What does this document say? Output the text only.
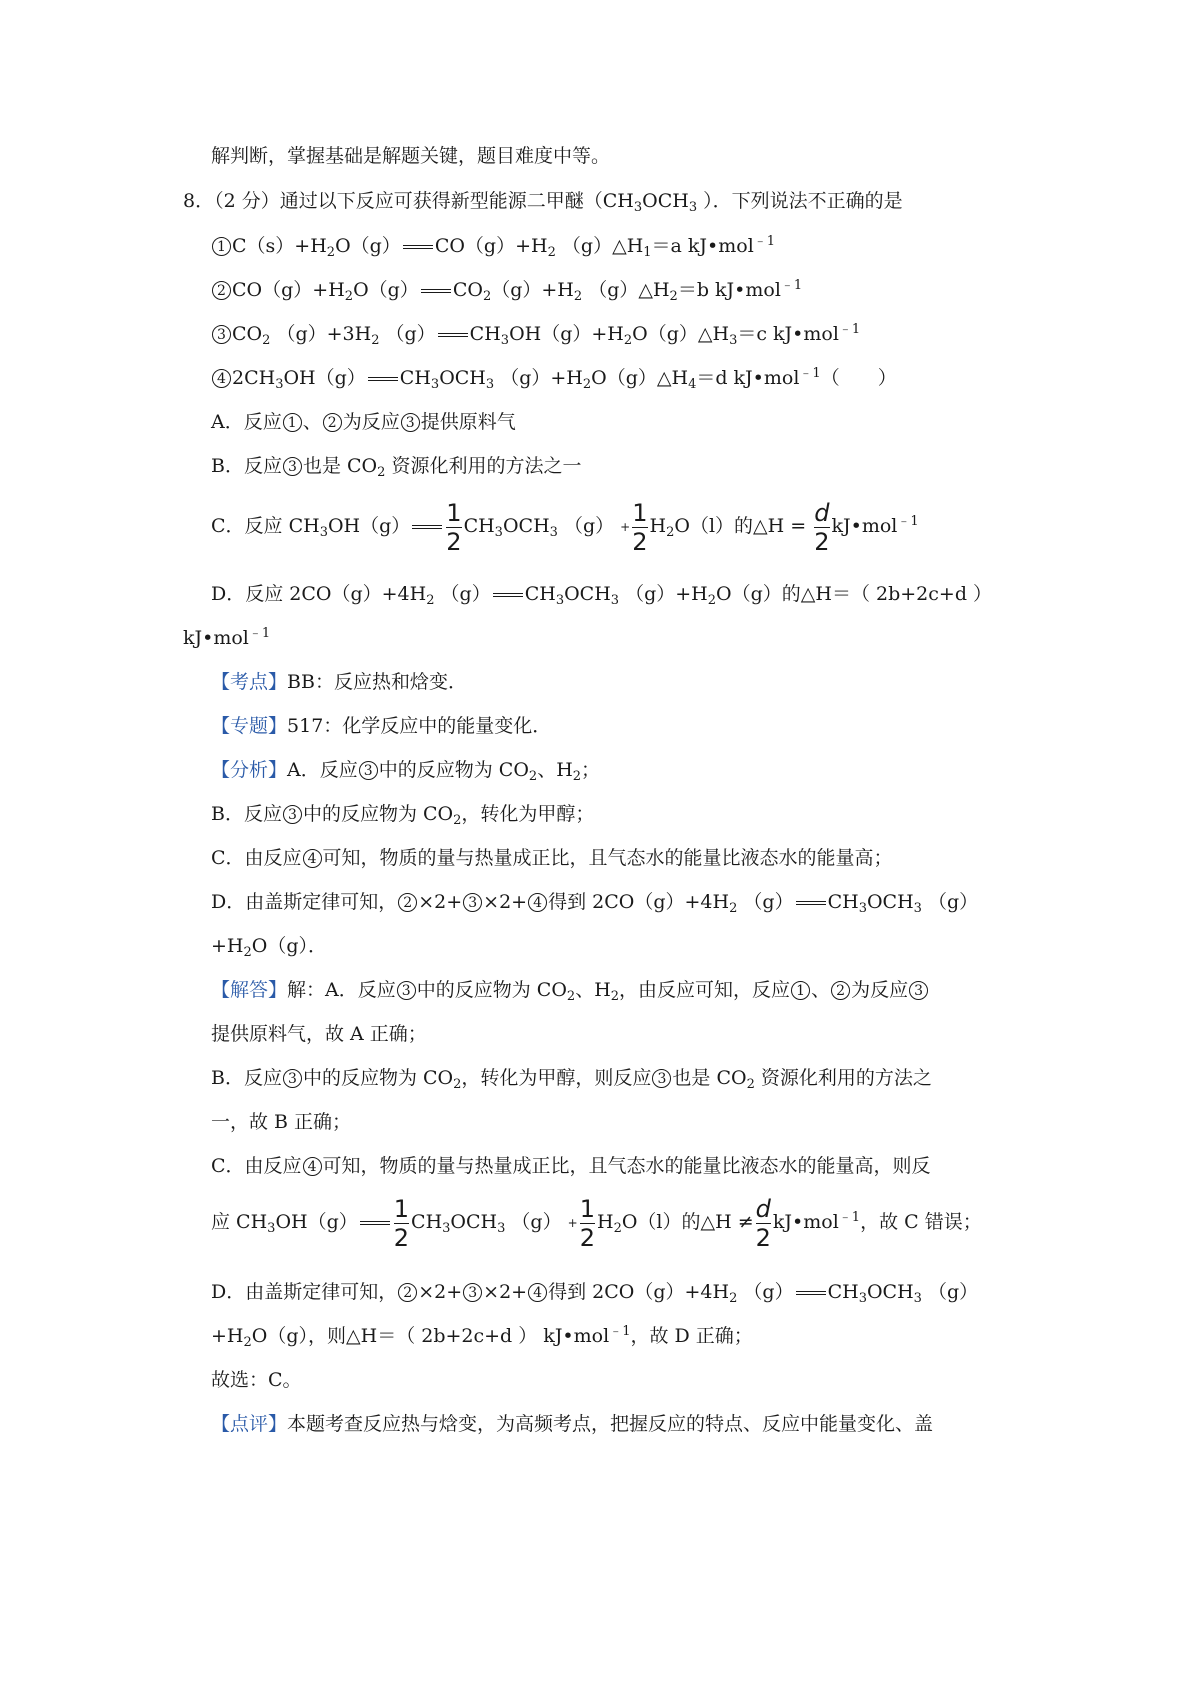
解判断，掌握基础是解题关键，题目难度中等。
8．（2 分）通过以下反应可获得新型能源二甲醚（$CH_3OCH_3$ ）．下列说法不正确的是
1 $C(s)+H_2O(g)$ $CO(g)+H_2$ $(g)\triangle H_1=a$ kJ•mol$^{﹣1}$
2 $CO(g)+H_2O(g)$ $CO_2(g)+H_2$ $(g)\triangle H_2=b$ kJ•mol$^{﹣1}$
3 $CO_2$ $(g)+3H_2$ （g） $CH_3OH(g)+H_2O(g)\triangle H_3=c$ kJ•mol$^{﹣1}$
4 $2CH_3OH(g)$ $CH_3OCH_3$ $(g)+H_2O(g)\triangle H_4=d$ kJ•mol$^{﹣1}$（　　）
A．反应 1 、 2 为反应 3 提供原料气
B．反应 3 也是 $CO_2$ 资源化利用的方法之一
C．反应 $CH_3OH(g) \frac{1}{2} CH_3OCH_3$ $(g) + \frac{1}{2} H_2O(l)$的△H = $\frac{d}{2}$ kJ•mol$^{﹣1}$
D．反应 $2CO(g)+4H_2$ （g） $CH_3OCH_3$ $(g)+H_2O(g)$的△H＝（ 2b+2c+d ）
kJ•mol$^{﹣1}$
【考点】BB：反应热和焓变．
【专题】517：化学反应中的能量变化．
【分析】A．反应 3 中的反应物为 $CO_2$、$H_2$；
B．反应 3 中的反应物为 $CO_2$，转化为甲醇；
C．由反应 4 可知，物质的量与热量成正比，且气态水的能量比液态水的能量高；
D．由盖斯定律可知， 2 ×2+ 3 ×2+ 4 得到 $2CO(g)+4H_2$ （g） $CH_3OCH_3$ （g）
$+H_2O(g)$．
【解答】解：A．反应 3 中的反应物为 $CO_2$、$H_2$，由反应可知，反应 1 、 2 为反应 3
提供原料气，故 A 正确；
B．反应 3 中的反应物为 $CO_2$，转化为甲醇，则反应 3 也是 $CO_2$ 资源化利用的方法之
一，故 B 正确；
C．由反应 4 可知，物质的量与热量成正比，且气态水的能量比液态水的能量高，则反
应 $CH_3OH(g) \frac{1}{2} CH_3OCH_3$ $(g) + \frac{1}{2} H_2O(l)$的△H ≠ $\frac{d}{2}$ kJ•mol$^{﹣1}$，故 C 错误；
D．由盖斯定律可知， 2 ×2+ 3 ×2+ 4 得到 $2CO(g)+4H_2$ （g） $CH_3OCH_3$ （g）
$+H_2O(g)$，则△H＝（ 2b+2c+d ） kJ•mol$^{﹣1}$，故 D 正确；
故选：C。
【点评】本题考查反应热与焓变，为高频考点，把握反应的特点、反应中能量变化、盖
